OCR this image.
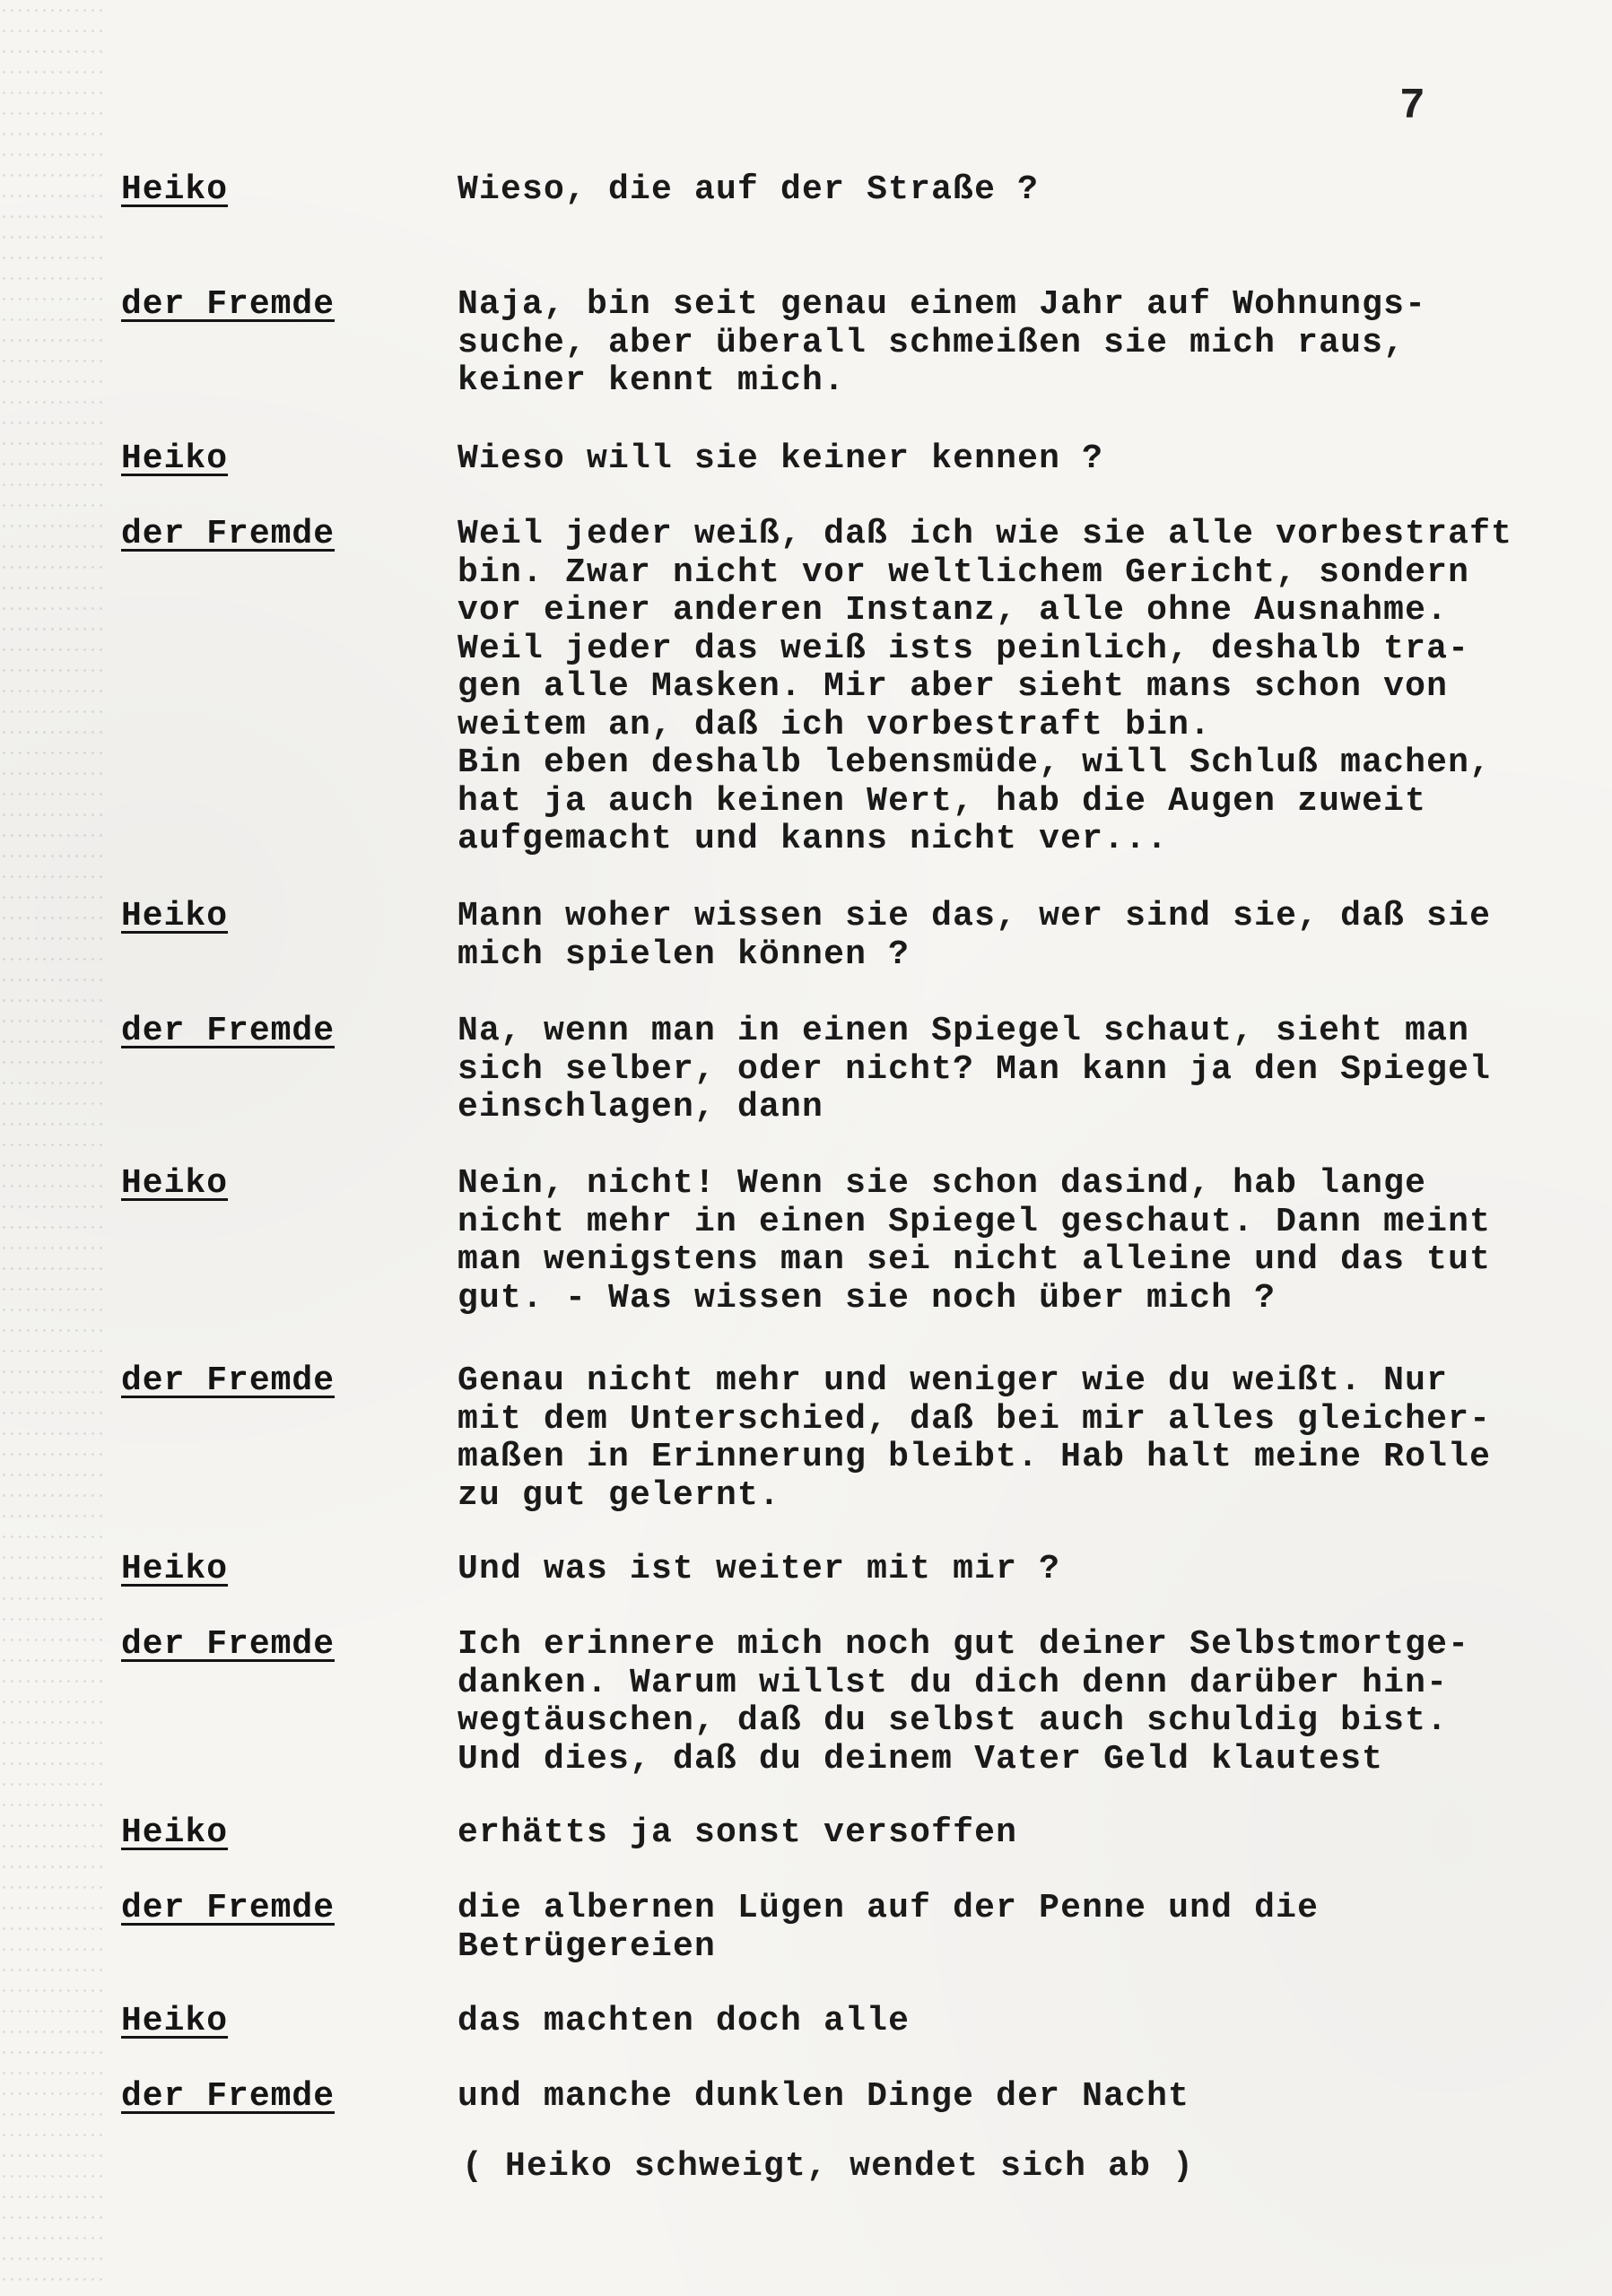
7
Heiko	Wieso, die auf der Straße ?
der Fremde	Naja, bin seit genau einem Jahr auf Wohnungs-
suche, aber überall schmeißen sie mich raus,
keiner kennt mich.
Heiko	Wieso will sie keiner kennen ?
der Fremde	Weil jeder weiß, daß ich wie sie alle vorbestraft
bin. Zwar nicht vor weltlichem Gericht, sondern
vor einer anderen Instanz, alle ohne Ausnahme.
Weil jeder das weiß ists peinlich, deshalb tra-
gen alle Masken. Mir aber sieht mans schon von
weitem an, daß ich vorbestraft bin.
Bin eben deshalb lebensmüde, will Schluß machen,
hat ja auch keinen Wert, hab die Augen zuweit
aufgemacht und kanns nicht ver...
Heiko	Mann woher wissen sie das, wer sind sie, daß sie
mich spielen können ?
der Fremde	Na, wenn man in einen Spiegel schaut, sieht man
sich selber, oder nicht? Man kann ja den Spiegel
einschlagen, dann
Heiko	Nein, nicht! Wenn sie schon dasind, hab lange
nicht mehr in einen Spiegel geschaut. Dann meint
man wenigstens man sei nicht alleine und das tut
gut. - Was wissen sie noch über mich ?
der Fremde	Genau nicht mehr und weniger wie du weißt. Nur
mit dem Unterschied, daß bei mir alles gleicher-
maßen in Erinnerung bleibt. Hab halt meine Rolle
zu gut gelernt.
Heiko	Und was ist weiter mit mir ?
der Fremde	Ich erinnere mich noch gut deiner Selbstmortge-
danken. Warum willst du dich denn darüber hin-
wegtäuschen, daß du selbst auch schuldig bist.
Und dies, daß du deinem Vater Geld klautest
Heiko	erhätts ja sonst versoffen
der Fremde	die albernen Lügen auf der Penne und die
Betrügereien
Heiko	das machten doch alle
der Fremde	und manche dunklen Dinge der Nacht
( Heiko schweigt, wendet sich ab )
